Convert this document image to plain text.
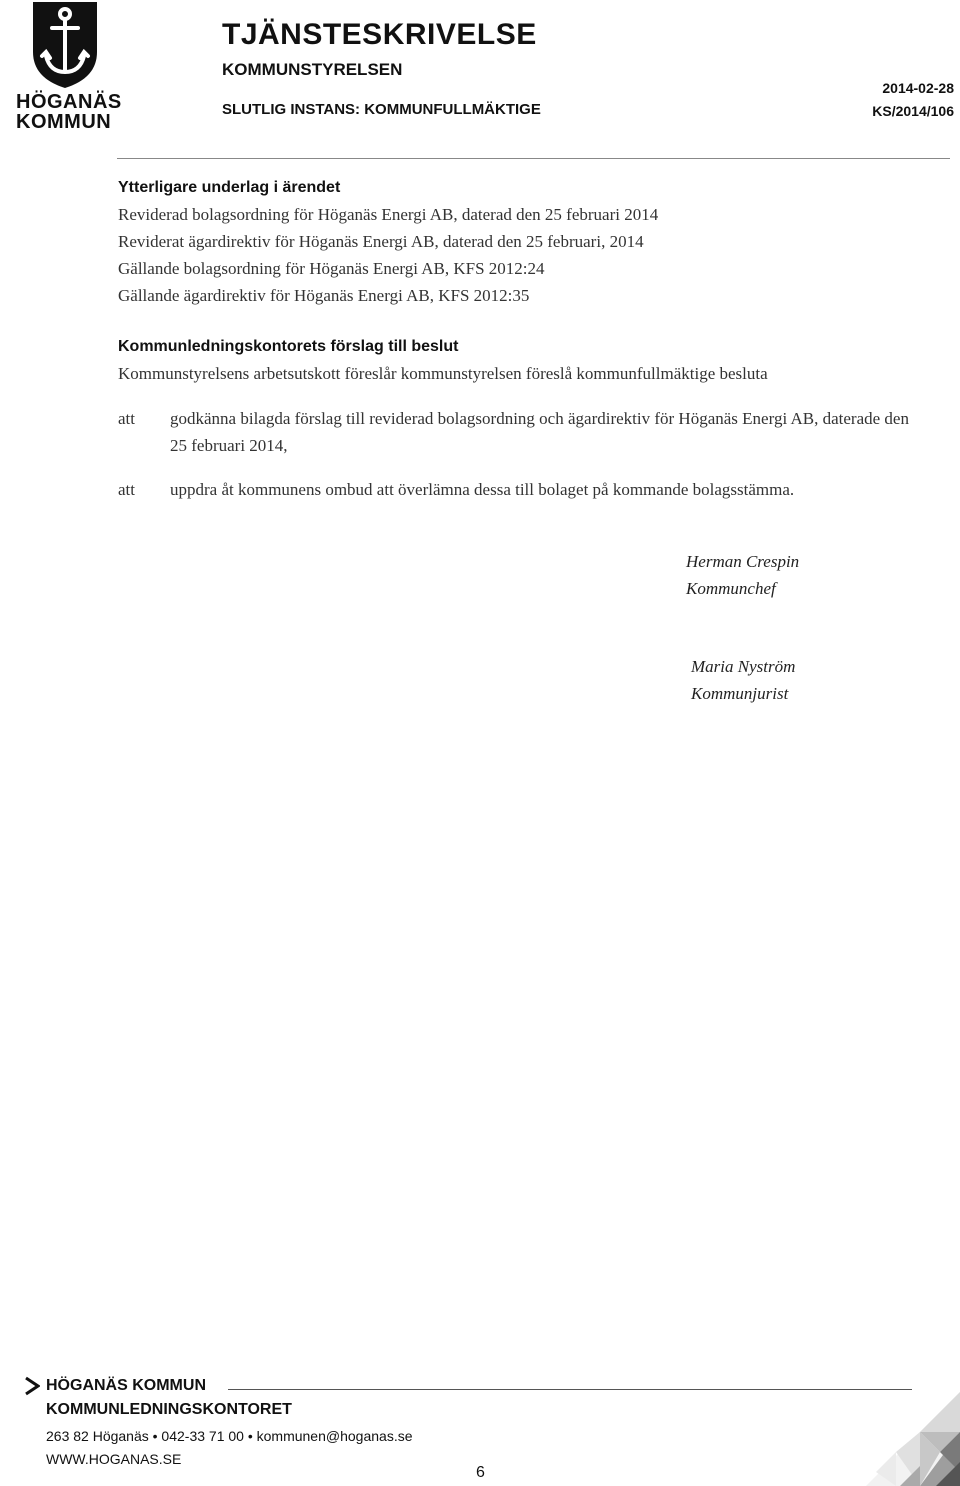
HÖGANÄS
KOMMUN
TJÄNSTESKRIVELSE
KOMMUNSTYRELSEN
SLUTLIG INSTANS: KOMMUNFULLMÄKTIGE
2014-02-28
KS/2014/106
Ytterligare underlag i ärendet
Reviderad bolagsordning för Höganäs Energi AB, daterad den 25 februari 2014
Reviderat ägardirektiv för Höganäs Energi AB, daterad den 25 februari, 2014
Gällande bolagsordning för Höganäs Energi AB, KFS 2012:24
Gällande ägardirektiv för Höganäs Energi AB, KFS 2012:35
Kommunledningskontorets förslag till beslut
Kommunstyrelsens arbetsutskott föreslår kommunstyrelsen föreslå kommunfullmäktige besluta
att godkänna bilagda förslag till reviderad bolagsordning och ägardirektiv för Höganäs Energi AB, daterade den 25 februari 2014,
att uppdra åt kommunens ombud att överlämna dessa till bolaget på kommande bolagsstämma.
Herman Crespin
Kommunchef
Maria Nyström
Kommunjurist
HÖGANÄS KOMMUN
KOMMUNLEDNINGSKONTORET
263 82 Höganäs • 042-33 71 00 • kommunen@hoganas.se
WWW.HOGANAS.SE
6
